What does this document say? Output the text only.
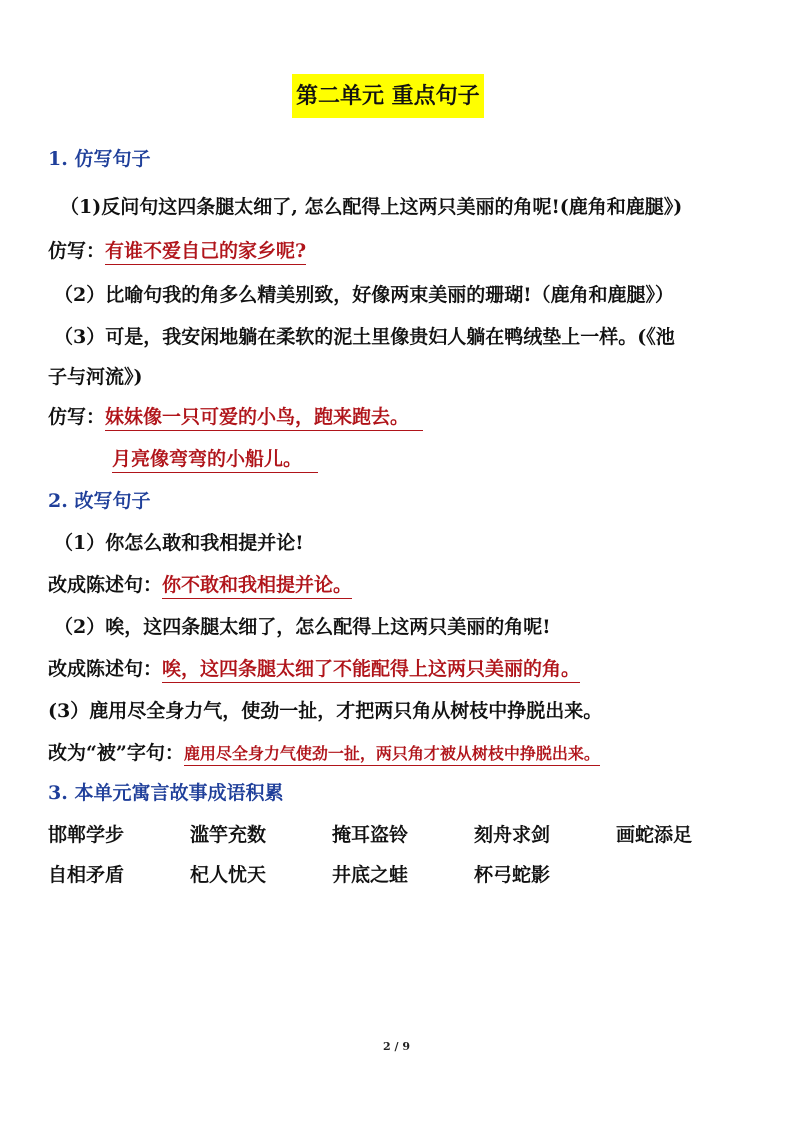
第二单元 重点句子
1. 仿写句子
（1)反问句这四条腿太细了, 怎么配得上这两只美丽的角呢!(鹿角和鹿腿》)
仿写：有谁不爱自己的家乡呢?
（2）比喻句我的角多么精美别致，好像两束美丽的珊瑚!（鹿角和鹿腿》）
（3）可是，我安闲地躺在柔软的泥土里像贵妇人躺在鸭绒垫上一样。(《池
子与河流》)
仿写：妹妹像一只可爱的小鸟，跑来跑去。
月亮像弯弯的小船儿。
2. 改写句子
（1）你怎么敢和我相提并论!
改成陈述句：你不敢和我相提并论。
（2）唉，这四条腿太细了，怎么配得上这两只美丽的角呢!
改成陈述句：唉，这四条腿太细了不能配得上这两只美丽的角。
(3）鹿用尽全身力气，使劲一扯，才把两只角从树枝中挣脱出来。
改为“被”字句：鹿用尽全身力气使劲一扯，两只角才被从树枝中挣脱出来。
3. 本单元寓言故事成语积累
邯郸学步	滥竽充数	掩耳盗铃	刻舟求剑	画蛇添足
自相矛盾	杞人忧天	井底之蛙	杯弓蛇影
2 / 9
